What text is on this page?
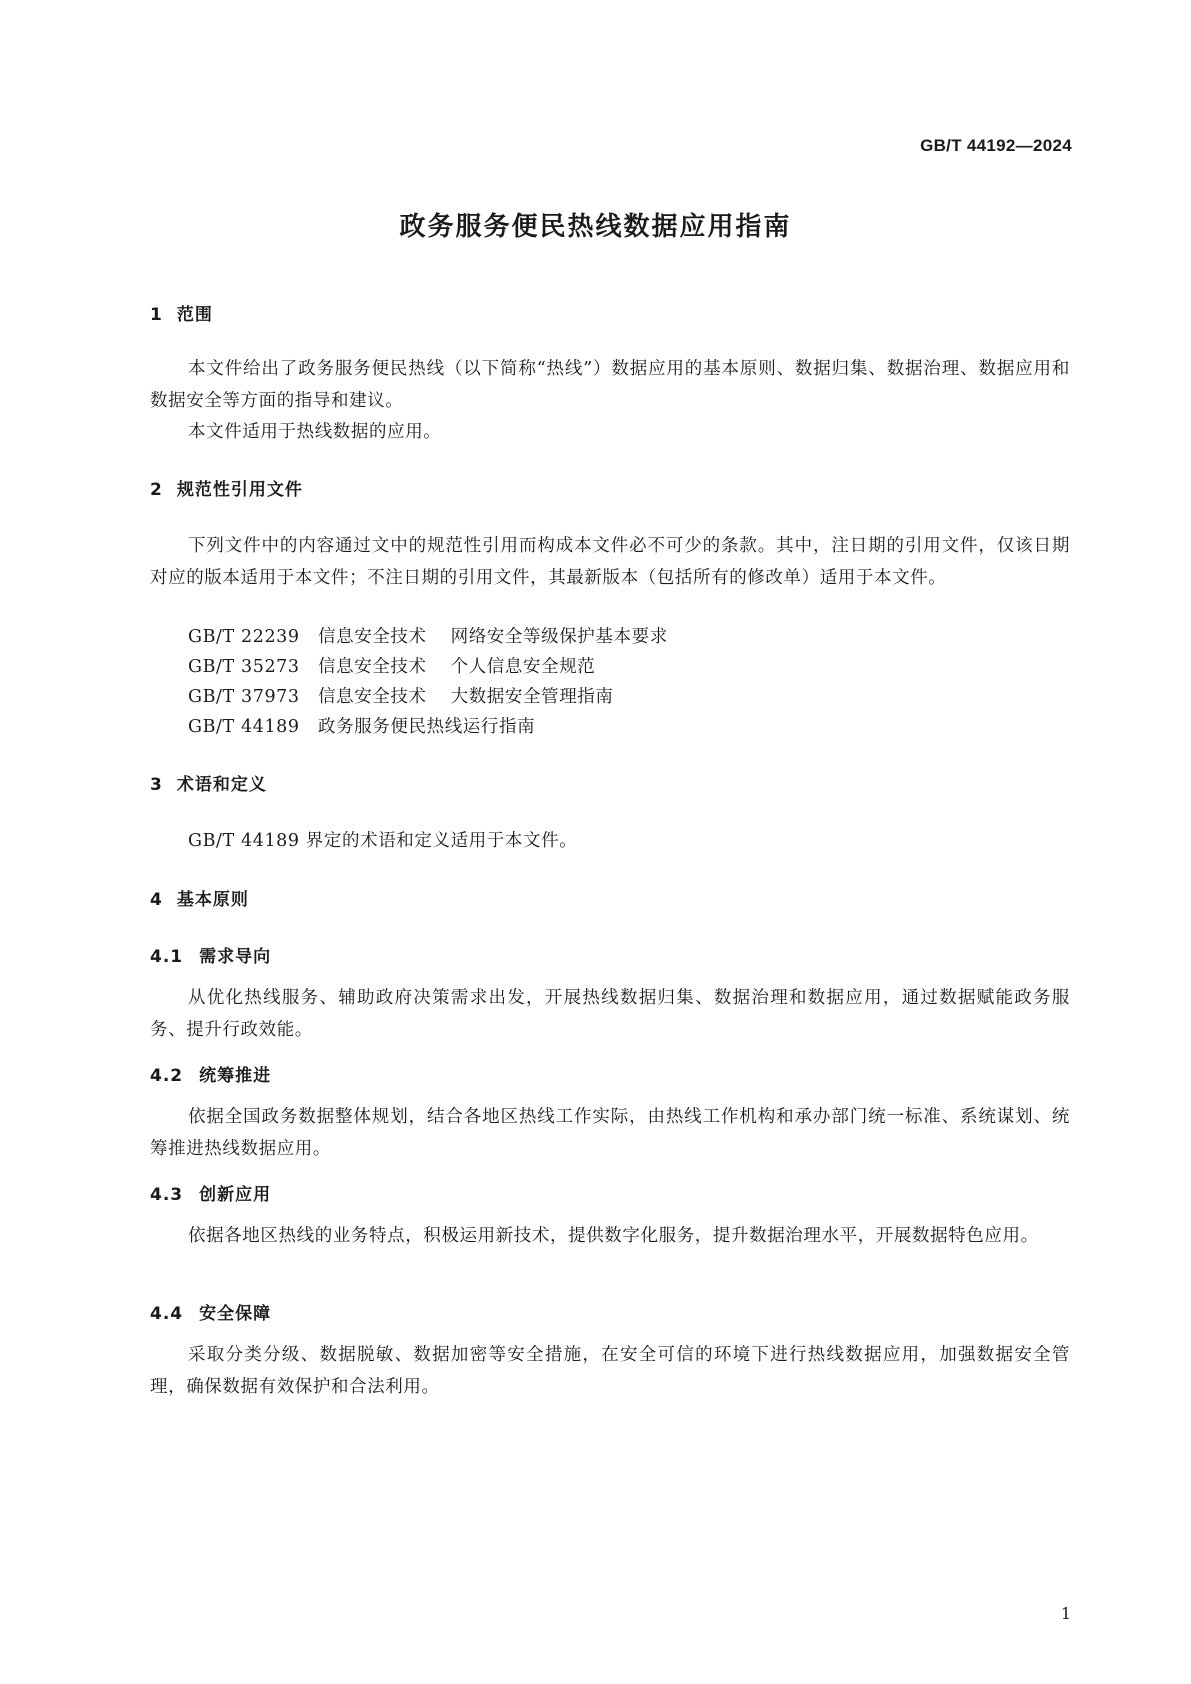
GB/T 44192—2024
政务服务便民热线数据应用指南
1 范围

本文件给出了政务服务便民热线（以下简称“热线”）数据应用的基本原则、数据归集、数据治理、数据应用和数据安全等方面的指导和建议。

本文件适用于热线数据的应用。

2 规范性引用文件

下列文件中的内容通过文中的规范性引用而构成本文件必不可少的条款。其中，注日期的引用文件，仅该日期对应的版本适用于本文件；不注日期的引用文件，其最新版本（包括所有的修改单）适用于本文件。

GB/T 22239 信息安全技术 网络安全等级保护基本要求
GB/T 35273 信息安全技术 个人信息安全规范
GB/T 37973 信息安全技术 大数据安全管理指南
GB/T 44189 政务服务便民热线运行指南
3 术语和定义

GB/T 44189 界定的术语和定义适用于本文件。

4 基本原则
4.1 需求导向

从优化热线服务、辅助政府决策需求出发，开展热线数据归集、数据治理和数据应用，通过数据赋能政务服务、提升行政效能。

4.2 统筹推进

依据全国政务数据整体规划，结合各地区热线工作实际，由热线工作机构和承办部门统一标准、系统谋划、统筹推进热线数据应用。

4.3 创新应用

依据各地区热线的业务特点，积极运用新技术，提供数字化服务，提升数据治理水平，开展数据特色应用。

4.4 安全保障

采取分类分级、数据脱敏、数据加密等安全措施，在安全可信的环境下进行热线数据应用，加强数据安全管理，确保数据有效保护和合法利用。

1
